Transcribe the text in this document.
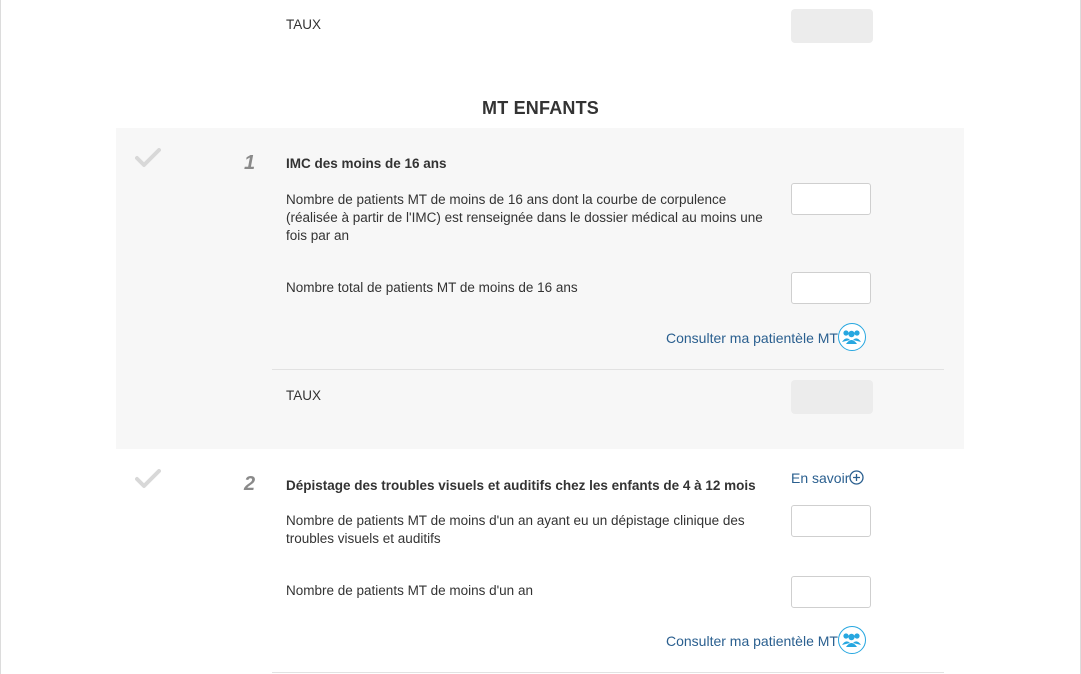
TAUX
MT ENFANTS
1 IMC des moins de 16 ans
Nombre de patients MT de moins de 16 ans dont la courbe de corpulence (réalisée à partir de l'IMC) est renseignée dans le dossier médical au moins une fois par an
Nombre total de patients MT de moins de 16 ans
Consulter ma patientèle MT
TAUX
2 Dépistage des troubles visuels et auditifs chez les enfants de 4 à 12 mois	En savoir
Nombre de patients MT de moins d'un an ayant eu un dépistage clinique des troubles visuels et auditifs
Nombre de patients MT de moins d'un an
Consulter ma patientèle MT
